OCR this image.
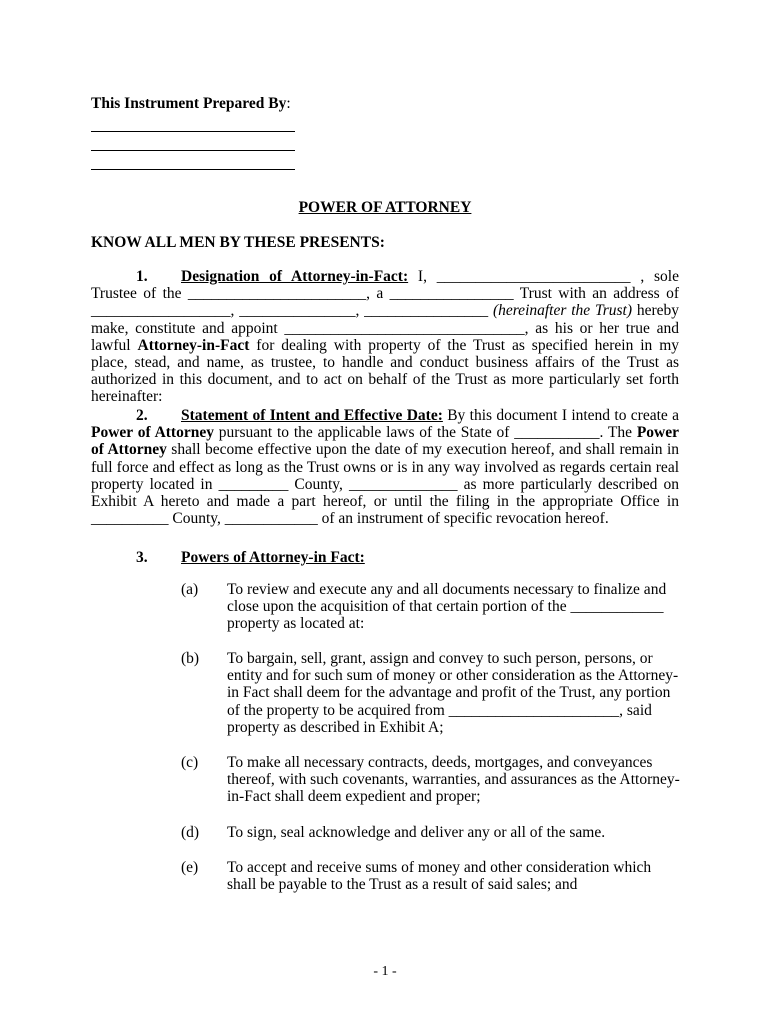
This Instrument Prepared By:
POWER OF ATTORNEY
KNOW ALL MEN BY THESE PRESENTS:
1. Designation of Attorney-in-Fact: I, _________________________ , sole Trustee of the _______________________, a ________________ Trust with an address of __________________, _______________, ________________ (hereinafter the Trust) hereby make, constitute and appoint _______________________________, as his or her true and lawful Attorney-in-Fact for dealing with property of the Trust as specified herein in my place, stead, and name, as trustee, to handle and conduct business affairs of the Trust as authorized in this document, and to act on behalf of the Trust as more particularly set forth hereinafter:
2. Statement of Intent and Effective Date: By this document I intend to create a Power of Attorney pursuant to the applicable laws of the State of ___________. The Power of Attorney shall become effective upon the date of my execution hereof, and shall remain in full force and effect as long as the Trust owns or is in any way involved as regards certain real property located in _________ County, ______________ as more particularly described on Exhibit A hereto and made a part hereof, or until the filing in the appropriate Office in __________ County, ____________ of an instrument of specific revocation hereof.
3. Powers of Attorney-in Fact:
(a) To review and execute any and all documents necessary to finalize and close upon the acquisition of that certain portion of the ____________ property as located at:
(b) To bargain, sell, grant, assign and convey to such person, persons, or entity and for such sum of money or other consideration as the Attorney-in Fact shall deem for the advantage and profit of the Trust, any portion of the property to be acquired from ______________________, said property as described in Exhibit A;
(c) To make all necessary contracts, deeds, mortgages, and conveyances thereof, with such covenants, warranties, and assurances as the Attorney-in-Fact shall deem expedient and proper;
(d) To sign, seal acknowledge and deliver any or all of the same.
(e) To accept and receive sums of money and other consideration which shall be payable to the Trust as a result of said sales; and
- 1 -
